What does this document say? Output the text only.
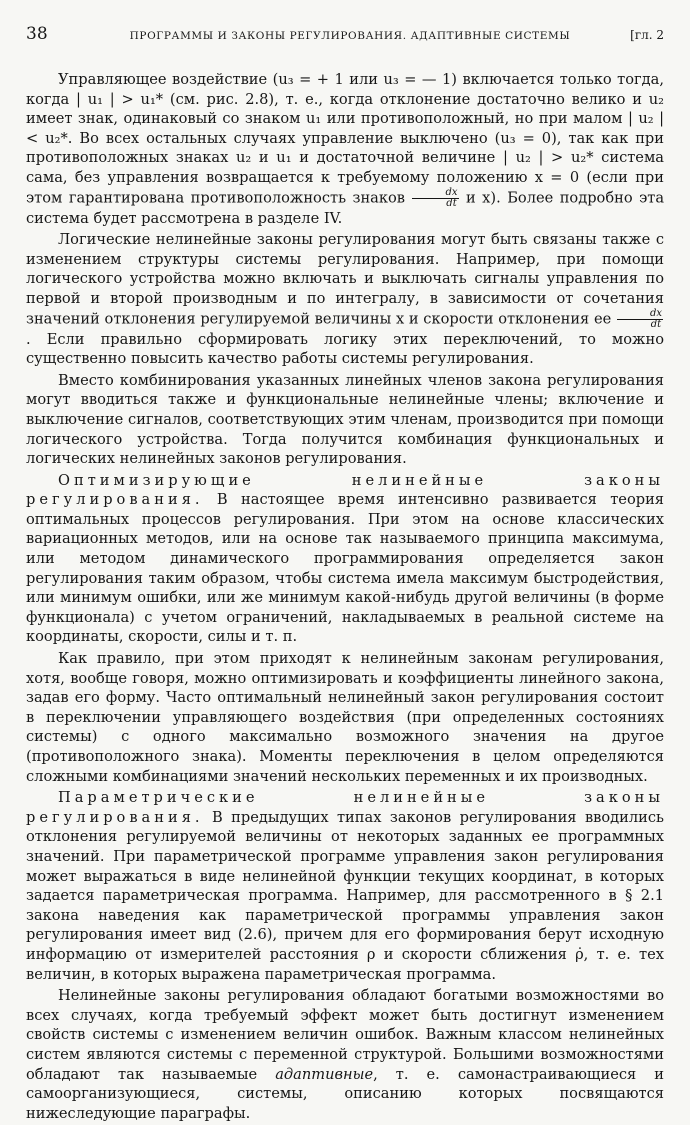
38	ПРОГРАММЫ И ЗАКОНЫ РЕГУЛИРОВАНИЯ. АДАПТИВНЫЕ СИСТЕМЫ	[гл. 2

Управляющее воздействие (u₃ = + 1 или u₃ = — 1) включается только тогда, когда | u₁ | > u₁* (см. рис. 2.8), т. е., когда отклонение достаточно велико и u₂ имеет знак, одинаковый со знаком u₁ или противоположный, но при малом | u₂ | < u₂*. Во всех остальных случаях управление выключено (u₃ = 0), так как при противоположных знаках u₂ и u₁ и достаточной величине | u₂ | > u₂* система сама, без управления возвращается к требуемому положению x = 0 (если при этом гарантирована противоположность знаков $\frac{dx}{dt}$ и x). Более подробно эта система будет рассмотрена в разделе IV.

Логические нелинейные законы регулирования могут быть связаны также с изменением структуры системы регулирования. Например, при помощи логического устройства можно включать и выключать сигналы управления по первой и второй производным и по интегралу, в зависимости от сочетания значений отклонения регулируемой величины x и скорости отклонения ее $\frac{dx}{dt}$
. Если правильно сформировать логику этих переключений, то можно существенно повысить качество работы системы регулирования.

Вместо комбинирования указанных линейных членов закона регулирования могут вводиться также и функциональные нелинейные члены; включение и выключение сигналов, соответствующих этим членам, производится при помощи логического устройства. Тогда получится комбинация функциональных и логических нелинейных законов регулирования.

Оптимизирующие нелинейные законы регулирования. В настоящее время интенсивно развивается теория оптимальных процессов регулирования. При этом на основе классических вариационных методов, или на основе так называемого принципа максимума, или методом динамического программирования определяется закон регулирования таким образом, чтобы система имела максимум быстродействия, или минимум ошибки, или же минимум какой-нибудь другой величины (в форме функционала) с учетом ограничений, накладываемых в реальной системе на координаты, скорости, силы и т. п.

Как правило, при этом приходят к нелинейным законам регулирования, хотя, вообще говоря, можно оптимизировать и коэффициенты линейного закона, задав его форму. Часто оптимальный нелинейный закон регулирования состоит в переключении управляющего воздействия (при определенных состояниях системы) с одного максимально возможного значения на другое (противоположного знака). Моменты переключения в целом определяются сложными комбинациями значений нескольких переменных и их производных.

Параметрические нелинейные законы регулирования. В предыдущих типах законов регулирования вводились отклонения регулируемой величины от некоторых заданных ее программных значений. При параметрической программе управления закон регулирования может выражаться в виде нелинейной функции текущих координат, в которых задается параметрическая программа. Например, для рассмотренного в § 2.1 закона наведения как параметрической программы управления закон регулирования имеет вид (2.6), причем для его формирования берут исходную информацию от измерителей расстояния ρ и скорости сближения ρ̇, т. е. тех величин, в которых выражена параметрическая программа.

Нелинейные законы регулирования обладают богатыми возможностями во всех случаях, когда требуемый эффект может быть достигнут изменением свойств системы с изменением величин ошибок. Важным классом нелинейных систем являются системы с переменной структурой. Большими возможностями обладают так называемые адаптивные, т. е. самонастраивающиеся и самоорганизующиеся, системы, описанию которых посвящаются нижеследующие параграфы.
